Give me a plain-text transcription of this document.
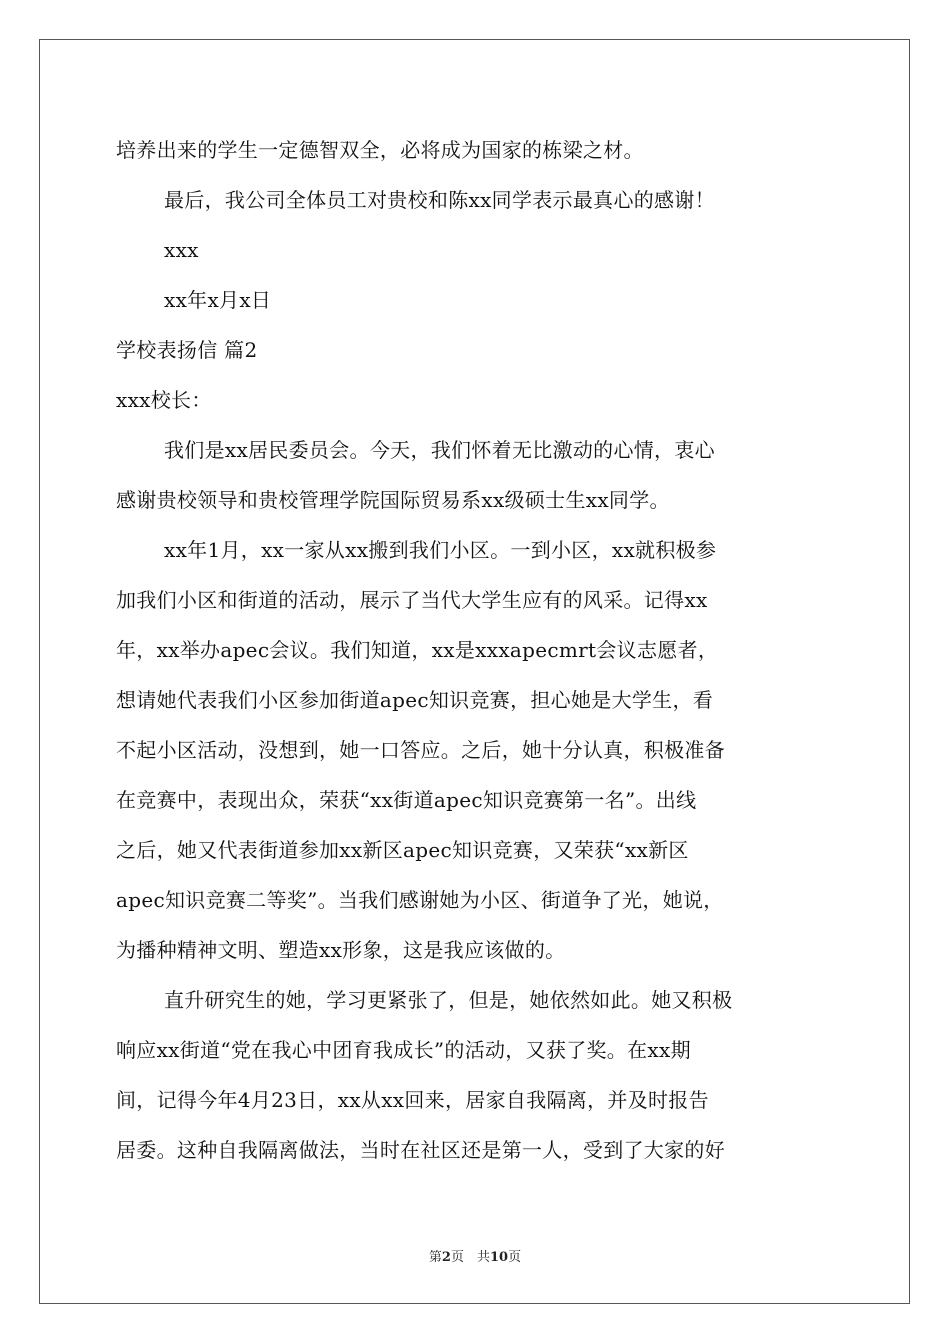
培养出来的学生一定德智双全，必将成为国家的栋梁之材。
最后，我公司全体员工对贵校和陈xx同学表示最真心的感谢！
xxx
xx年x月x日
学校表扬信 篇2
xxx校长：
我们是xx居民委员会。今天，我们怀着无比激动的心情，衷心
感谢贵校领导和贵校管理学院国际贸易系xx级硕士生xx同学。
xx年1月，xx一家从xx搬到我们小区。一到小区，xx就积极参
加我们小区和街道的活动，展示了当代大学生应有的风采。记得xx
年，xx举办apec会议。我们知道，xx是xxxapecmrt会议志愿者，
想请她代表我们小区参加街道apec知识竞赛，担心她是大学生，看
不起小区活动，没想到，她一口答应。之后，她十分认真，积极准备
在竞赛中，表现出众，荣获“xx街道apec知识竞赛第一名”。出线
之后，她又代表街道参加xx新区apec知识竞赛，又荣获“xx新区
apec知识竞赛二等奖”。当我们感谢她为小区、街道争了光，她说，
为播种精神文明、塑造xx形象，这是我应该做的。
直升研究生的她，学习更紧张了，但是，她依然如此。她又积极
响应xx街道“党在我心中团育我成长”的活动，又获了奖。在xx期
间，记得今年4月23日，xx从xx回来，居家自我隔离，并及时报告
居委。这种自我隔离做法，当时在社区还是第一人，受到了大家的好
第2页　共10页
